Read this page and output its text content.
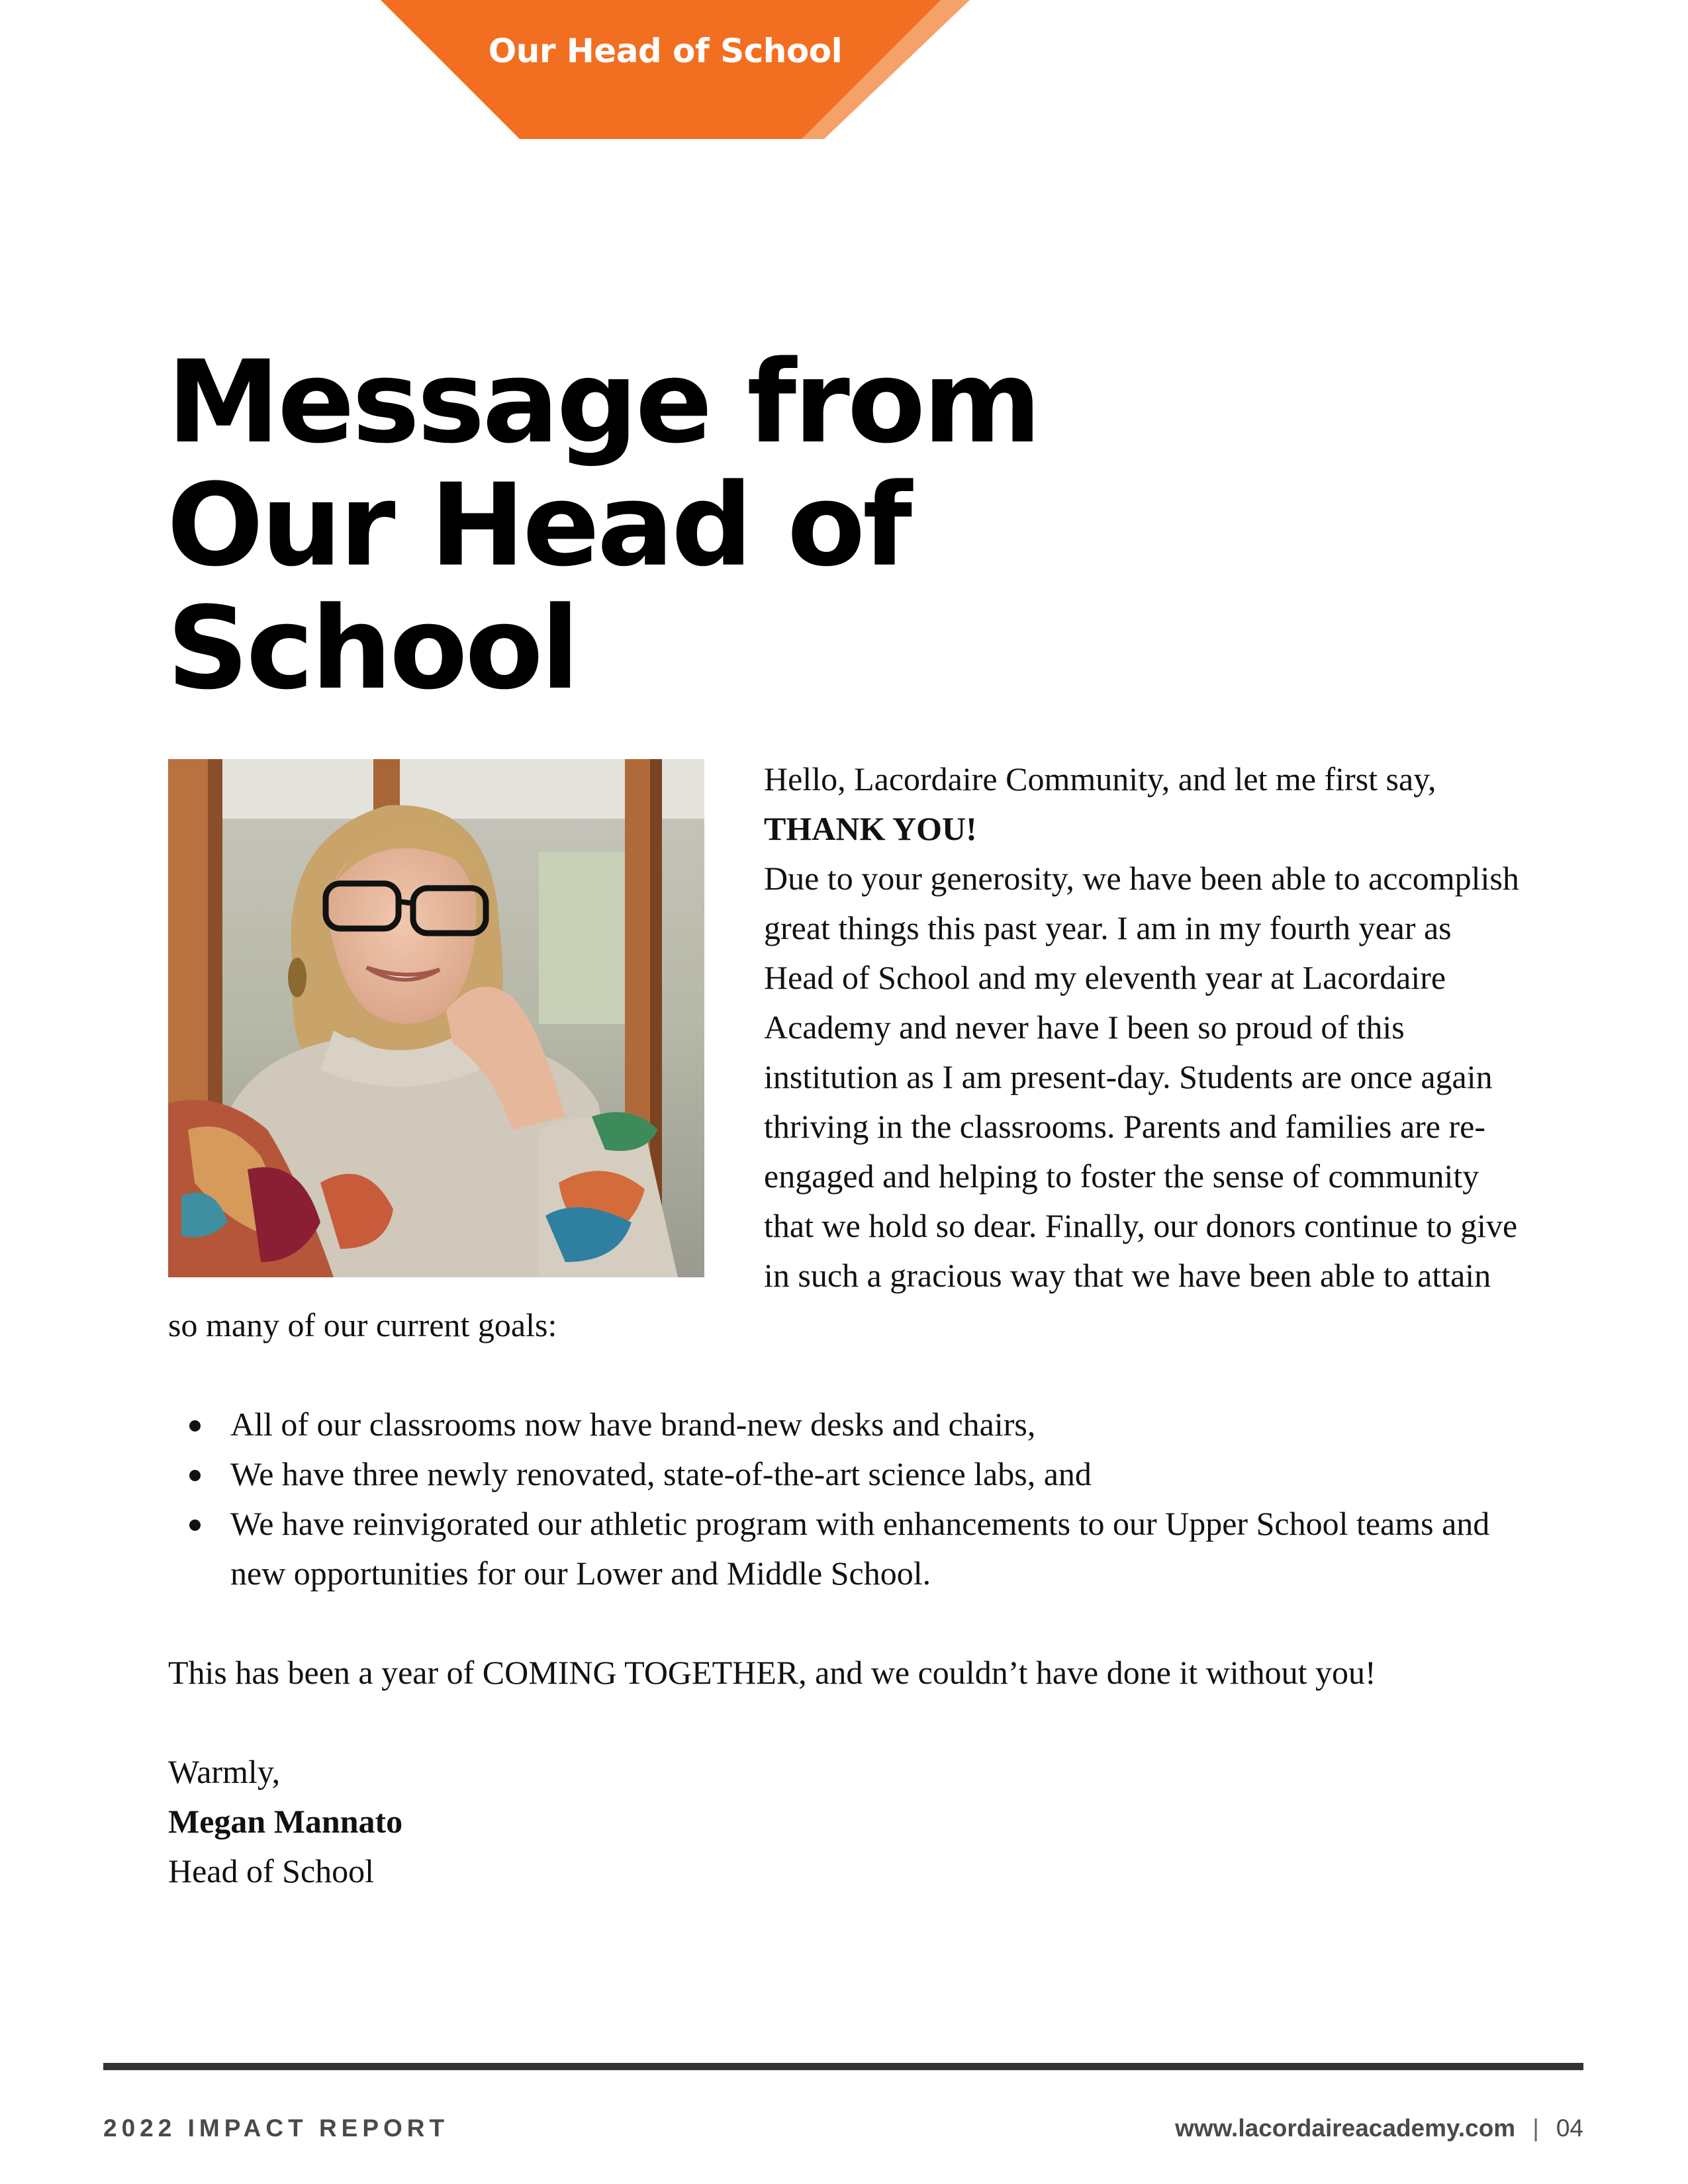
Our Head of School
Message from
Our Head of
School

Hello, Lacordaire Community, and let me first say,
THANK YOU!
Due to your generosity, we have been able to accomplish great things this past year. I am in my fourth year as Head of School and my eleventh year at Lacordaire Academy and never have I been so proud of this institution as I am present-day. Students are once again thriving in the classrooms. Parents and families are re-engaged and helping to foster the sense of community that we hold so dear. Finally, our donors continue to give in such a gracious way that we have been able to attain so many of our current goals:

All of our classrooms now have brand-new desks and chairs,
We have three newly renovated, state-of-the-art science labs, and
We have reinvigorated our athletic program with enhancements to our Upper School teams and new opportunities for our Lower and Middle School.

This has been a year of COMING TOGETHER, and we couldn’t have done it without you!

Warmly,

Megan Mannato

Head of School

2022 IMPACT REPORT	www.lacordaireacademy.com | 04
